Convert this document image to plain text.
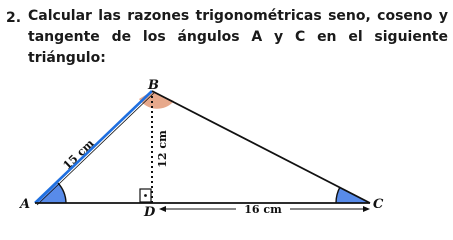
2. Calcular las razones trigonométricas seno, coseno y
tangente de los ángulos A y C en el siguiente
triángulo:

A
B
C
D
15 cm	12 cm
16 cm
